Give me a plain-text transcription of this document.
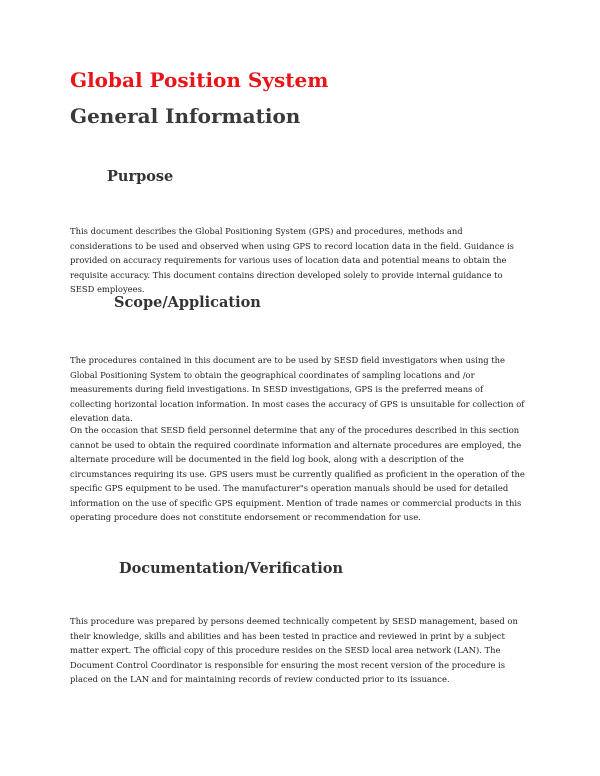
Global Position System
General Information
Purpose

This document describes the Global Positioning System (GPS) and procedures, methods and considerations to be used and observed when using GPS to record location data in the field. Guidance is provided on accuracy requirements for various uses of location data and potential means to obtain the requisite accuracy. This document contains direction developed solely to provide internal guidance to SESD employees.

Scope/Application

The procedures contained in this document are to be used by SESD field investigators when using the Global Positioning System to obtain the geographical coordinates of sampling locations and /or measurements during field investigations. In SESD investigations, GPS is the preferred means of collecting horizontal location information. In most cases the accuracy of GPS is unsuitable for collection of elevation data.

On the occasion that SESD field personnel determine that any of the procedures described in this section cannot be used to obtain the required coordinate information and alternate procedures are employed, the alternate procedure will be documented in the field log book, along with a description of the circumstances requiring its use. GPS users must be currently qualified as proficient in the operation of the specific GPS equipment to be used. The manufacturer"s operation manuals should be used for detailed information on the use of specific GPS equipment. Mention of trade names or commercial products in this operating procedure does not constitute endorsement or recommendation for use.

Documentation/Verification

This procedure was prepared by persons deemed technically competent by SESD management, based on their knowledge, skills and abilities and has been tested in practice and reviewed in print by a subject matter expert. The official copy of this procedure resides on the SESD local area network (LAN). The Document Control Coordinator is responsible for ensuring the most recent version of the procedure is placed on the LAN and for maintaining records of review conducted prior to its issuance.
